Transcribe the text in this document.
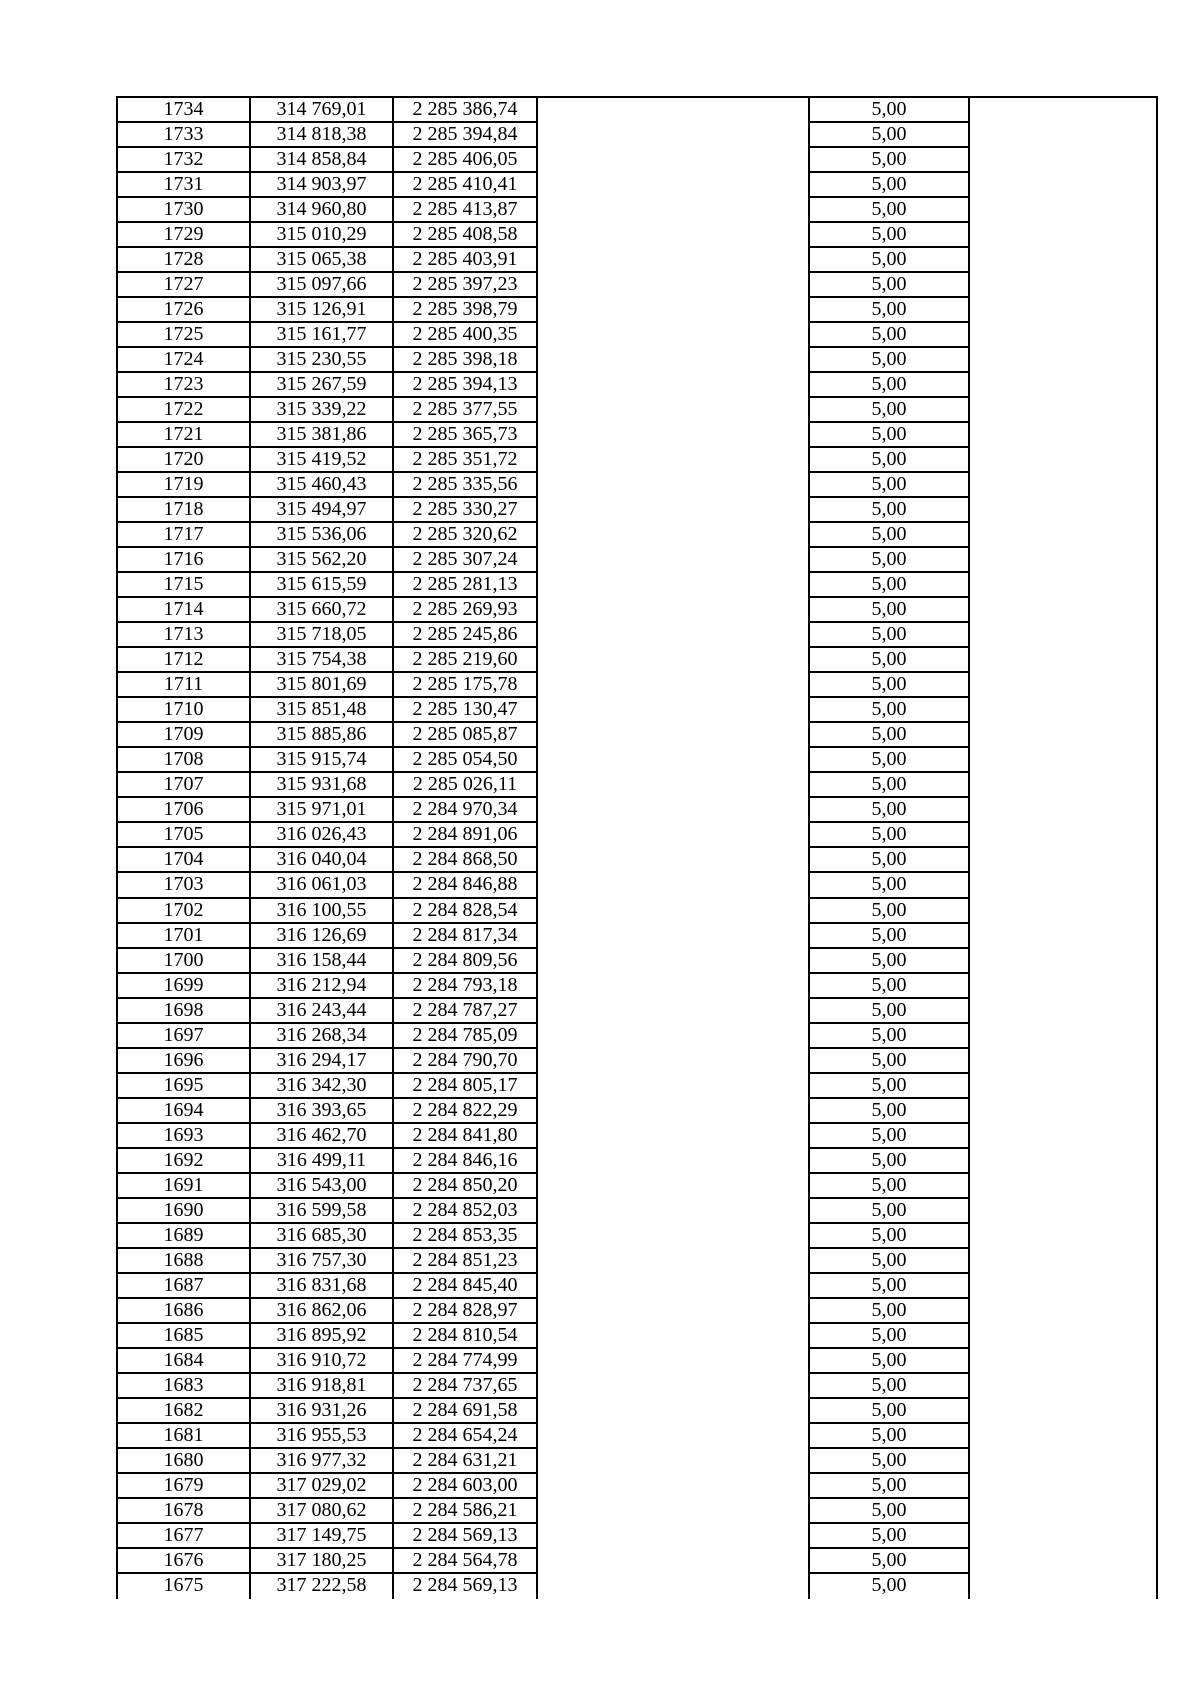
1734	314 769,01	2 285 386,74	5,00
1733	314 818,38	2 285 394,84	5,00
1732	314 858,84	2 285 406,05	5,00
1731	314 903,97	2 285 410,41	5,00
1730	314 960,80	2 285 413,87	5,00
1729	315 010,29	2 285 408,58	5,00
1728	315 065,38	2 285 403,91	5,00
1727	315 097,66	2 285 397,23	5,00
1726	315 126,91	2 285 398,79	5,00
1725	315 161,77	2 285 400,35	5,00
1724	315 230,55	2 285 398,18	5,00
1723	315 267,59	2 285 394,13	5,00
1722	315 339,22	2 285 377,55	5,00
1721	315 381,86	2 285 365,73	5,00
1720	315 419,52	2 285 351,72	5,00
1719	315 460,43	2 285 335,56	5,00
1718	315 494,97	2 285 330,27	5,00
1717	315 536,06	2 285 320,62	5,00
1716	315 562,20	2 285 307,24	5,00
1715	315 615,59	2 285 281,13	5,00
1714	315 660,72	2 285 269,93	5,00
1713	315 718,05	2 285 245,86	5,00
1712	315 754,38	2 285 219,60	5,00
1711	315 801,69	2 285 175,78	5,00
1710	315 851,48	2 285 130,47	5,00
1709	315 885,86	2 285 085,87	5,00
1708	315 915,74	2 285 054,50	5,00
1707	315 931,68	2 285 026,11	5,00
1706	315 971,01	2 284 970,34	5,00
1705	316 026,43	2 284 891,06	5,00
1704	316 040,04	2 284 868,50	5,00
1703	316 061,03	2 284 846,88	5,00
1702	316 100,55	2 284 828,54	5,00
1701	316 126,69	2 284 817,34	5,00
1700	316 158,44	2 284 809,56	5,00
1699	316 212,94	2 284 793,18	5,00
1698	316 243,44	2 284 787,27	5,00
1697	316 268,34	2 284 785,09	5,00
1696	316 294,17	2 284 790,70	5,00
1695	316 342,30	2 284 805,17	5,00
1694	316 393,65	2 284 822,29	5,00
1693	316 462,70	2 284 841,80	5,00
1692	316 499,11	2 284 846,16	5,00
1691	316 543,00	2 284 850,20	5,00
1690	316 599,58	2 284 852,03	5,00
1689	316 685,30	2 284 853,35	5,00
1688	316 757,30	2 284 851,23	5,00
1687	316 831,68	2 284 845,40	5,00
1686	316 862,06	2 284 828,97	5,00
1685	316 895,92	2 284 810,54	5,00
1684	316 910,72	2 284 774,99	5,00
1683	316 918,81	2 284 737,65	5,00
1682	316 931,26	2 284 691,58	5,00
1681	316 955,53	2 284 654,24	5,00
1680	316 977,32	2 284 631,21	5,00
1679	317 029,02	2 284 603,00	5,00
1678	317 080,62	2 284 586,21	5,00
1677	317 149,75	2 284 569,13	5,00
1676	317 180,25	2 284 564,78	5,00
1675	317 222,58	2 284 569,13	5,00
